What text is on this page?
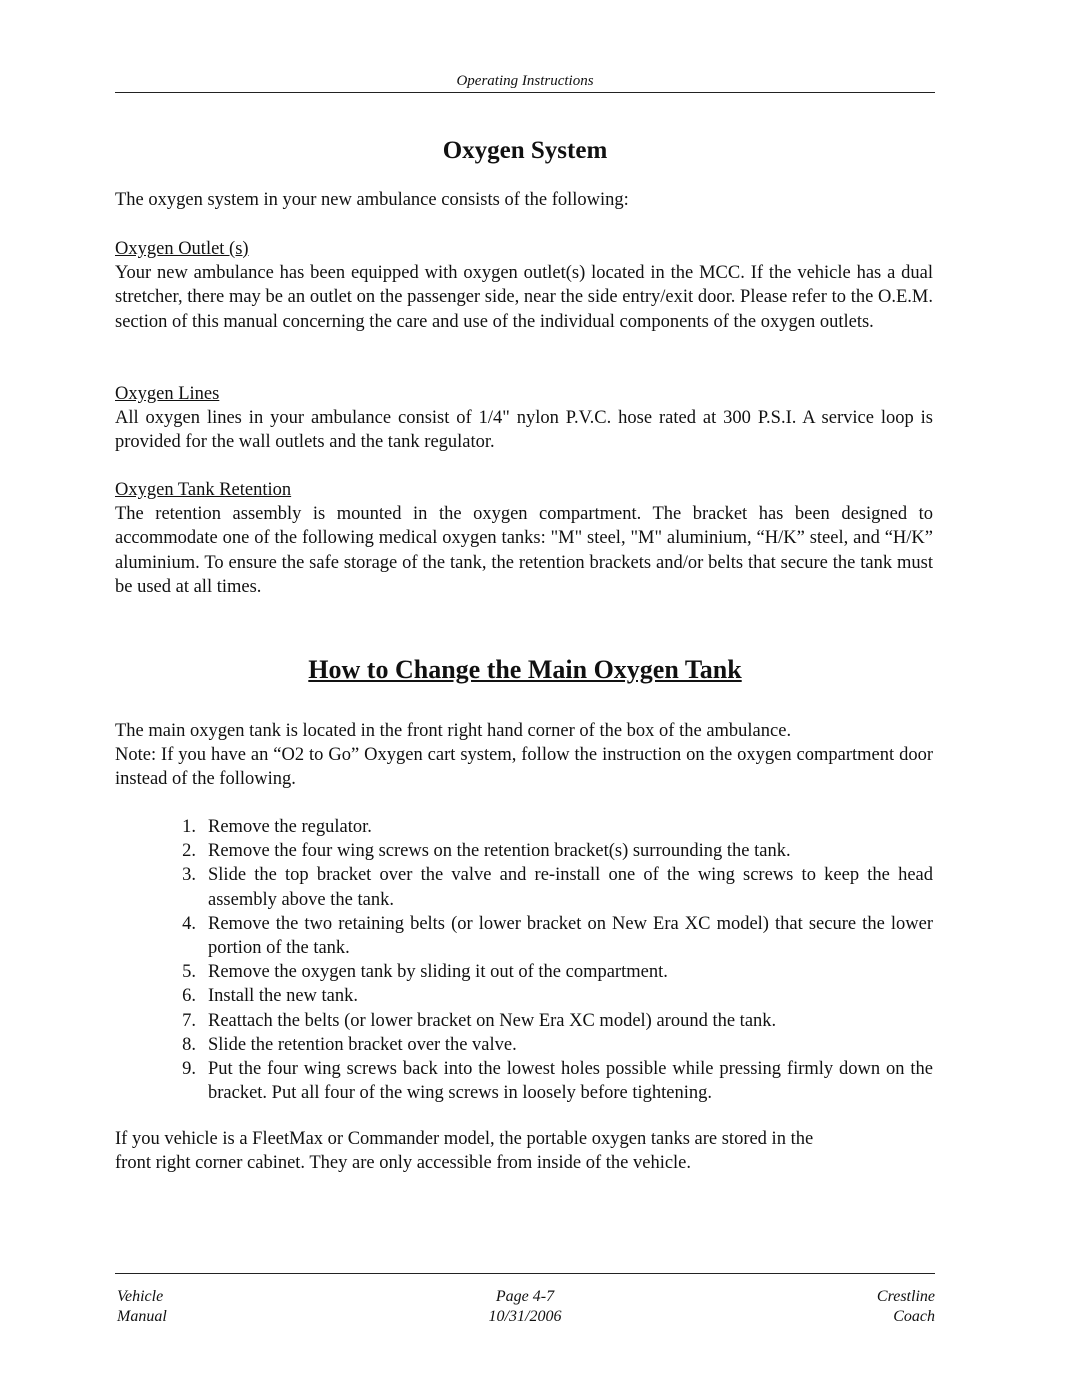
Operating Instructions
Oxygen System
The oxygen system in your new ambulance consists of the following:
Oxygen Outlet (s)
Your new ambulance has been equipped with oxygen outlet(s) located in the MCC. If the vehicle has a dual stretcher, there may be an outlet on the passenger side, near the side entry/exit door. Please refer to the O.E.M. section of this manual concerning the care and use of the individual components of the oxygen outlets.
Oxygen Lines
All oxygen lines in your ambulance consist of 1/4" nylon P.V.C. hose rated at 300 P.S.I. A service loop is provided for the wall outlets and the tank regulator.
Oxygen Tank Retention
The retention assembly is mounted in the oxygen compartment. The bracket has been designed to accommodate one of the following medical oxygen tanks: "M" steel, "M" aluminium, “H/K” steel, and “H/K” aluminium. To ensure the safe storage of the tank, the retention brackets and/or belts that secure the tank must be used at all times.
How to Change the Main Oxygen Tank
The main oxygen tank is located in the front right hand corner of the box of the ambulance.
Note: If you have an “O2 to Go” Oxygen cart system, follow the instruction on the oxygen compartment door instead of the following.
1. Remove the regulator.
2. Remove the four wing screws on the retention bracket(s) surrounding the tank.
3. Slide the top bracket over the valve and re-install one of the wing screws to keep the head assembly above the tank.
4. Remove the two retaining belts (or lower bracket on New Era XC model) that secure the lower portion of the tank.
5. Remove the oxygen tank by sliding it out of the compartment.
6. Install the new tank.
7. Reattach the belts (or lower bracket on New Era XC model) around the tank.
8. Slide the retention bracket over the valve.
9. Put the four wing screws back into the lowest holes possible while pressing firmly down on the bracket. Put all four of the wing screws in loosely before tightening.
If you vehicle is a FleetMax or Commander model, the portable oxygen tanks are stored in the
front right corner cabinet. They are only accessible from inside of the vehicle.
Vehicle
Manual
Page 4-7
10/31/2006
Crestline
Coach
